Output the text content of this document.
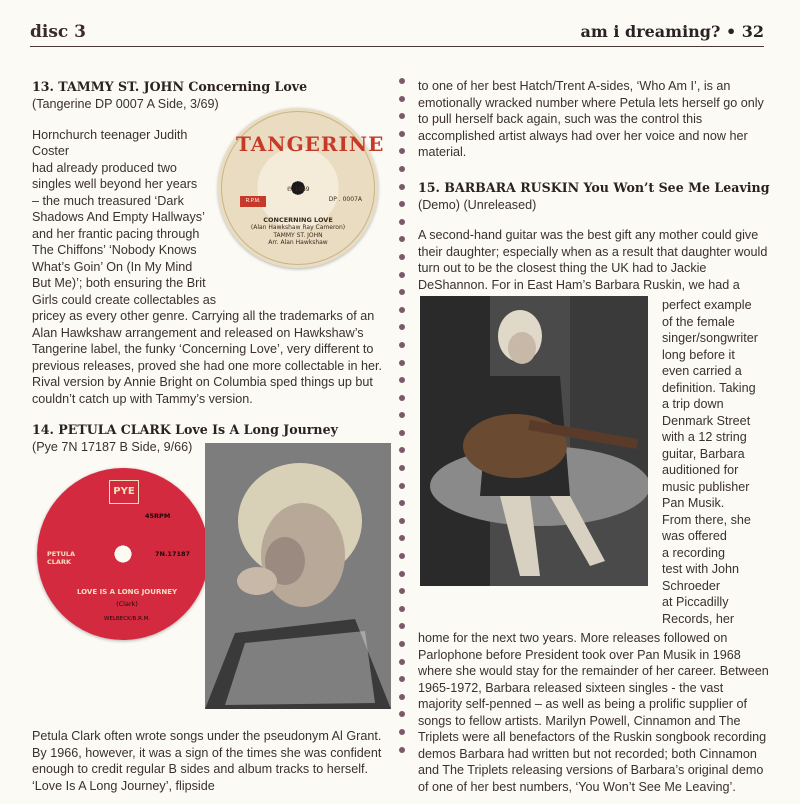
disc 3	am i dreaming? • 32
13. TAMMY ST. JOHN Concerning Love

(Tangerine DP 0007 A Side, 3/69)

Hornchurch teenager Judith Coster
had already produced two
singles well beyond her years
– the much treasured ‘Dark
Shadows And Empty Hallways’
and her frantic pacing through
The Chiffons’ ‘Nobody Knows
What’s Goin’ On (In My Mind
But Me)’; both ensuring the Brit
Girls could create collectables as

pricey as every other genre. Carrying all the trademarks of an Alan Hawkshaw arrangement and released on Hawkshaw’s Tangerine label, the funky ‘Concerning Love’, very different to previous releases, proved she had one more collectable in her. Rival version by Annie Bright on Columbia sped things up but couldn’t catch up with Tammy’s version.

14. PETULA CLARK Love Is A Long Journey

(Pye 7N 17187 B Side, 9/66)

TANGERINE
℗ 1969
R.P.M.	DP . 0007A
CONCERNING LOVE
(Alan Hawkshaw Ray Cameron)
TAMMY ST. JOHN
Arr. Alan Hawkshaw
PYE
45RPM
PETULA CLARK
7N.17187
LOVE IS A LONG JOURNEY
(Clark)
WELBECK/B.R.M.

Petula Clark often wrote songs under the pseudonym Al Grant. By 1966, however, it was a sign of the times she was confident enough to credit regular B sides and album tracks to herself. ‘Love Is A Long Journey’, flipside

to one of her best Hatch/Trent A-sides, ‘Who Am I’, is an emotionally wracked number where Petula lets herself go only to pull herself back again, such was the control this accomplished artist always had over her voice and now her material.

15. BARBARA RUSKIN You Won’t See Me Leaving

(Demo) (Unreleased)

A second-hand guitar was the best gift any mother could give their daughter; especially when as a result that daughter would turn out to be the closest thing the UK had to Jackie DeShannon. For in East Ham’s Barbara Ruskin, we had a

perfect example
of the female
singer/songwriter
long before it
even carried a
definition. Taking
a trip down
Denmark Street
with a 12 string
guitar, Barbara
auditioned for
music publisher
Pan Musik.
From there, she
was offered
a recording
test with John
Schroeder
at Piccadilly
Records, her

home for the next two years. More releases followed on Parlophone before President took over Pan Musik in 1968 where she would stay for the remainder of her career. Between 1965-1972, Barbara released sixteen singles - the vast majority self-penned – as well as being a prolific supplier of songs to fellow artists. Marilyn Powell, Cinnamon and The Triplets were all benefactors of the Ruskin songbook recording demos Barbara had written but not recorded; both Cinnamon and The Triplets releasing versions of Barbara’s original demo of one of her best numbers, ‘You Won’t See Me Leaving’.
